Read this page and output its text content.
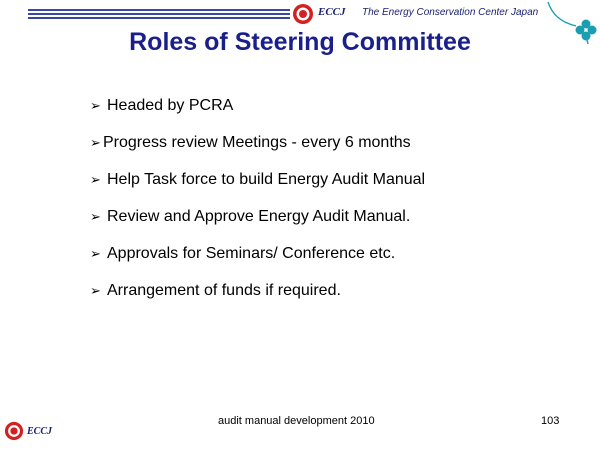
ECCJ The Energy Conservation Center Japan
Roles of Steering Committee
➢ Headed by PCRA
➢ Progress review Meetings - every 6 months
➢ Help Task force to build Energy Audit Manual
➢ Review and Approve Energy Audit Manual.
➢ Approvals for Seminars/ Conference etc.
➢ Arrangement of funds if required.
audit manual development 2010	103
ECCJ
